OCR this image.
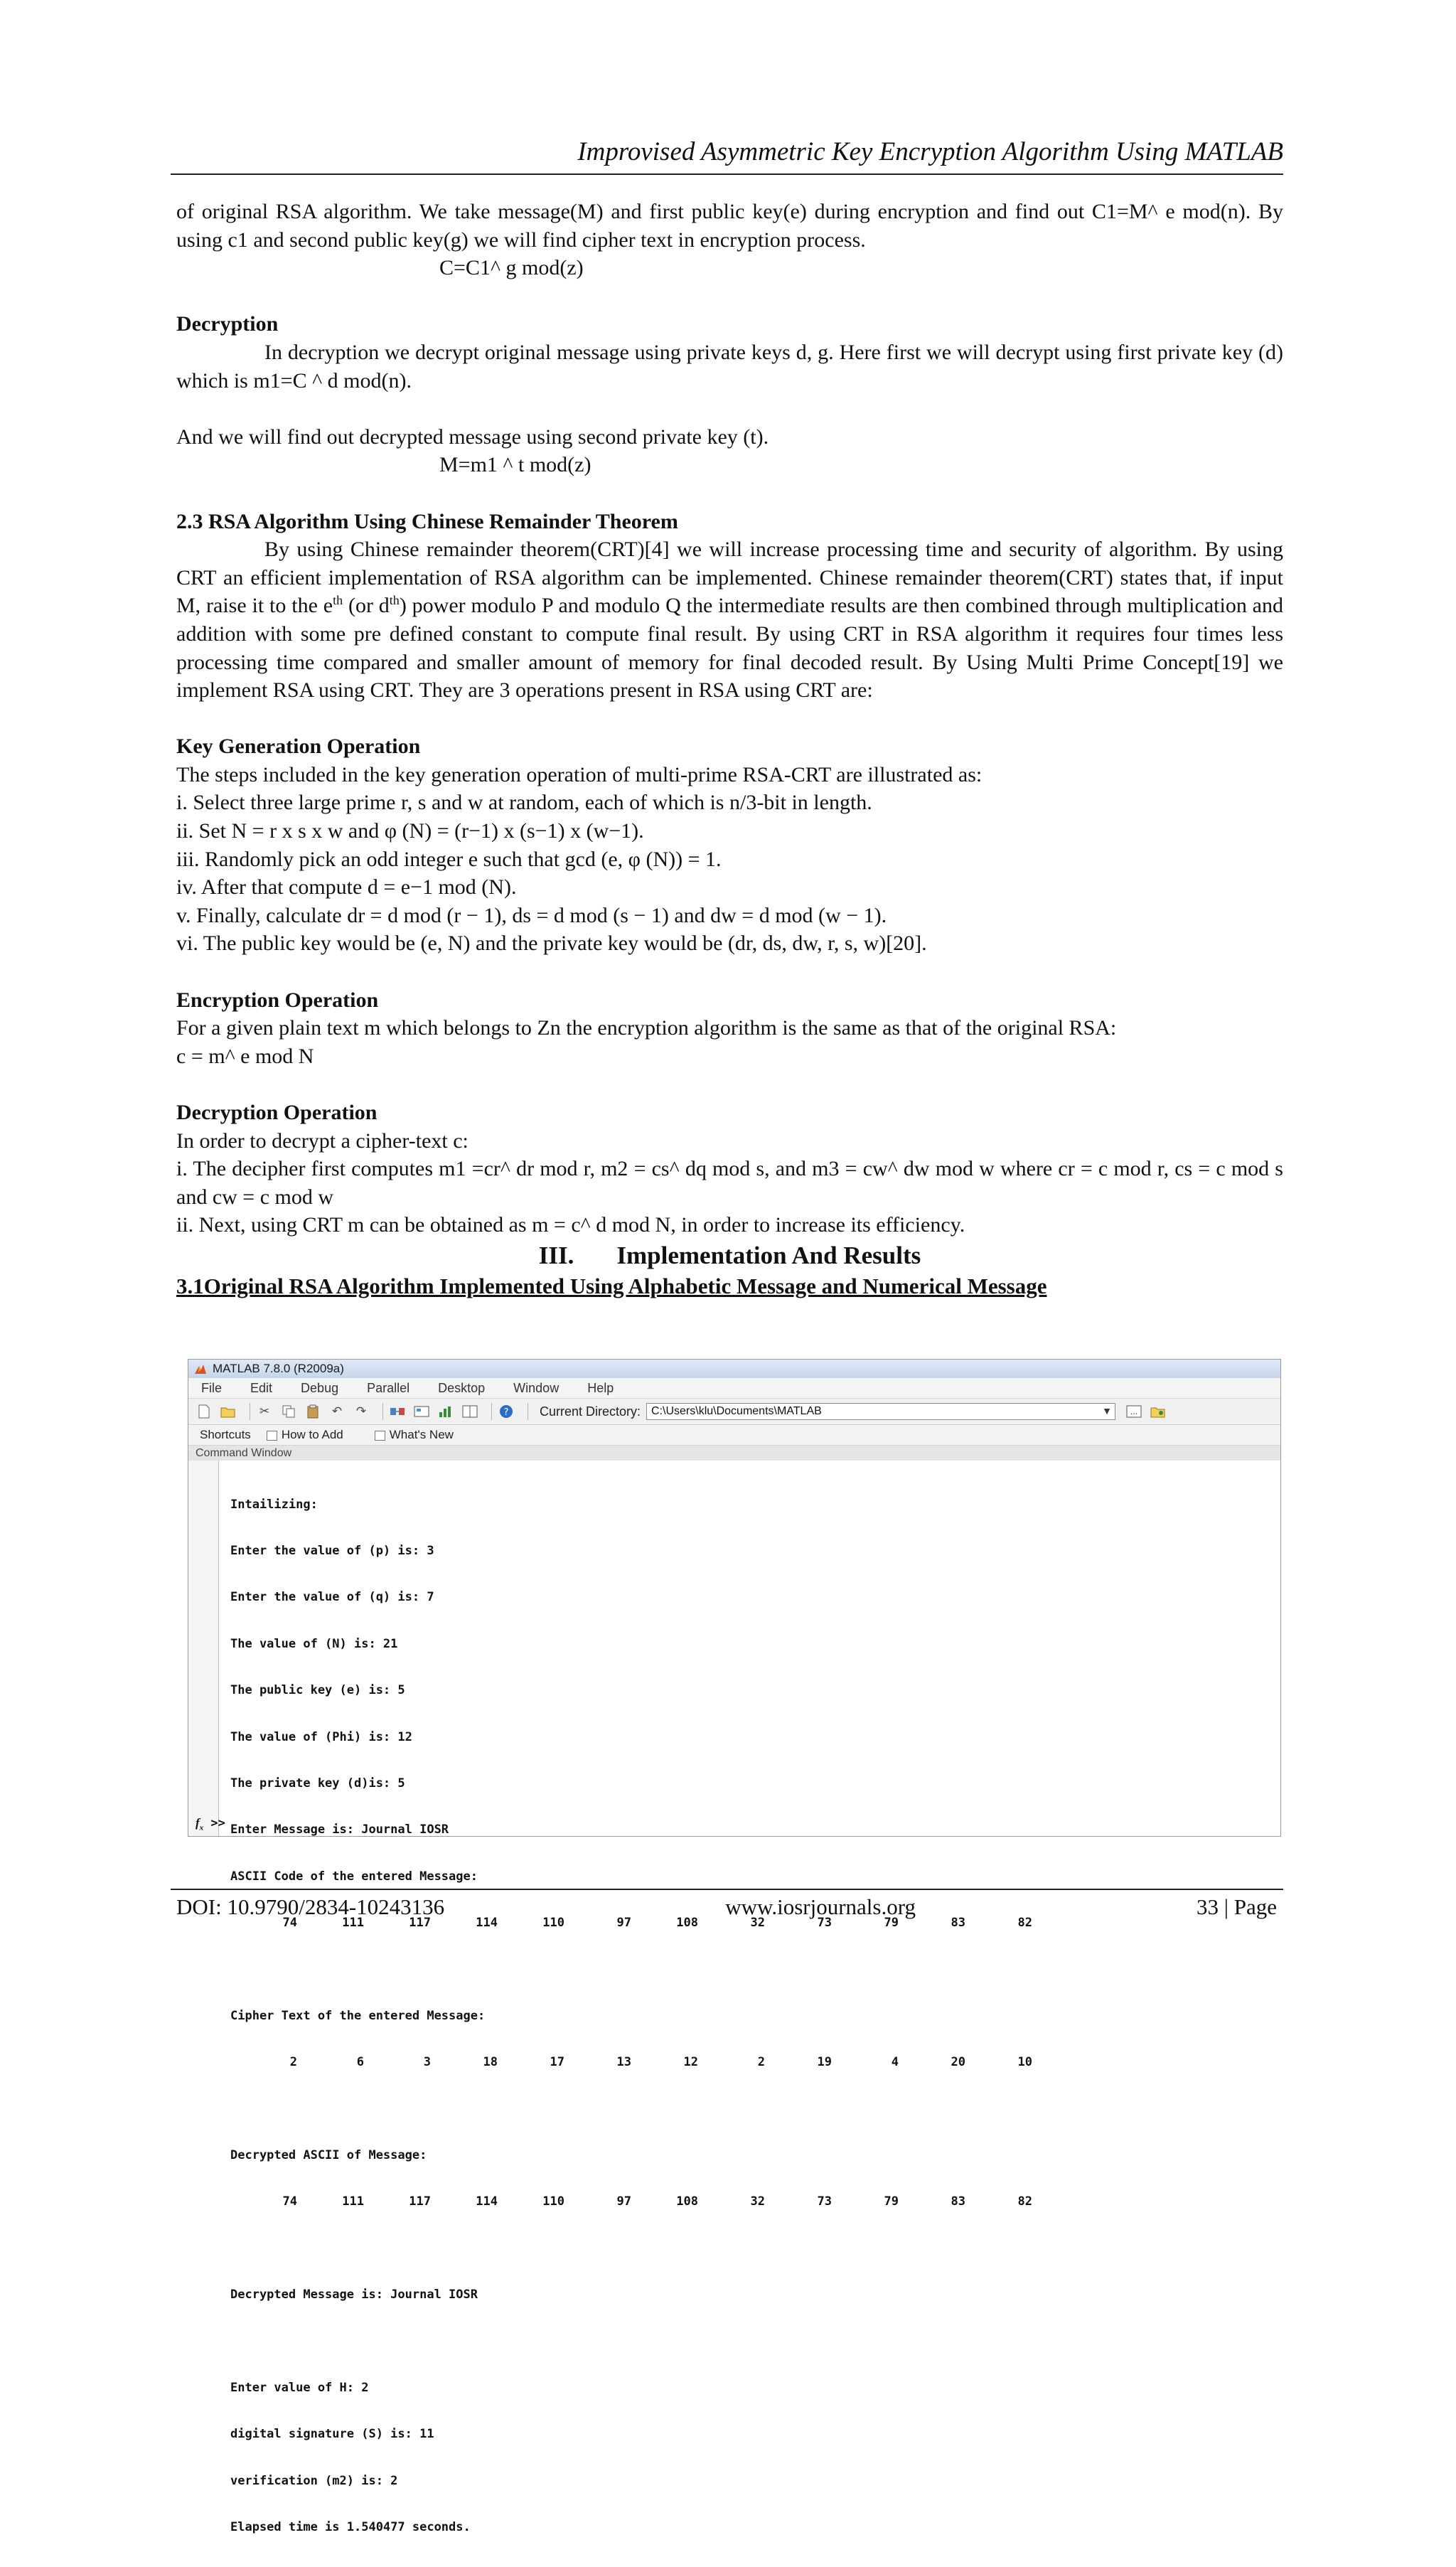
Improvised Asymmetric Key Encryption Algorithm Using MATLAB

of original RSA algorithm. We take message(M) and first public key(e) during encryption and find out C1=M^ e mod(n). By using c1 and second public key(g) we will find cipher text in encryption process.

C=C1^ g mod(z)

Decryption

In decryption we decrypt original message using private keys d, g. Here first we will decrypt using first private key (d) which is m1=C ^ d mod(n).

And we will find out decrypted message using second private key (t).

M=m1 ^ t mod(z)

2.3 RSA Algorithm Using Chinese Remainder Theorem

By using Chinese remainder theorem(CRT)[4] we will increase processing time and security of algorithm. By using CRT an efficient implementation of RSA algorithm can be implemented. Chinese remainder theorem(CRT) states that, if input M, raise it to the $e^{th}$ (or $d^{th}$) power modulo P and modulo Q the intermediate results are then combined through multiplication and addition with some pre defined constant to compute final result. By using CRT in RSA algorithm it requires four times less processing time compared and smaller amount of memory for final decoded result. By Using Multi Prime Concept[19] we implement RSA using CRT. They are 3 operations present in RSA using CRT are:

Key Generation Operation

The steps included in the key generation operation of multi-prime RSA-CRT are illustrated as:

i. Select three large prime r, s and w at random, each of which is n/3-bit in length.

ii. Set N = r x s x w and φ (N) = (r−1) x (s−1) x (w−1).

iii. Randomly pick an odd integer e such that gcd (e, φ (N)) = 1.

iv. After that compute d = e−1 mod (N).

v. Finally, calculate dr = d mod (r − 1), ds = d mod (s − 1) and dw = d mod (w − 1).

vi. The public key would be (e, N) and the private key would be (dr, ds, dw, r, s, w)[20].

Encryption Operation

For a given plain text m which belongs to Zn the encryption algorithm is the same as that of the original RSA:

c = m^ e mod N

Decryption Operation

In order to decrypt a cipher-text c:

i. The decipher first computes m1 =cr^ dr mod r, m2 = cs^ dq mod s, and m3 = cw^ dw mod w where cr = c mod r, cs = c mod s and cw = c mod w

ii. Next, using CRT m can be obtained as m = c^ d mod N, in order to increase its efficiency.

III. Implementation And Results

3.1Original RSA Algorithm Implemented Using Alphabetic Message and Numerical Message

MATLAB 7.8.0 (R2009a)
File Edit Debug Parallel Desktop Window Help
✂	↶ ↷	? Current Directory: C:\Users\klu\Documents\MATLAB	▼ ...
Shortcuts	How to Add	What's New
Command Window

Intailizing:

Enter the value of (p) is: 3

Enter the value of (q) is: 7

The value of (N) is: 21

The public key (e) is: 5

The value of (Phi) is: 12

The private key (d)is: 5

Enter Message is: Journal IOSR

ASCII Code of the entered Message:

74	111	117	114	110	97	108	32	73	79	83	82

Cipher Text of the entered Message:

2	6	3	18	17	13	12	2	19	4	20	10

Decrypted ASCII of Message:

74	111	117	114	110	97	108	32	73	79	83	82

Decrypted Message is: Journal IOSR

Enter value of H: 2

digital signature (S) is: 11

verification (m2) is: 2

Elapsed time is 1.540477 seconds.

$f_x$ >>
DOI: 10.9790/2834-10243136	www.iosrjournals.org	33 | Page
